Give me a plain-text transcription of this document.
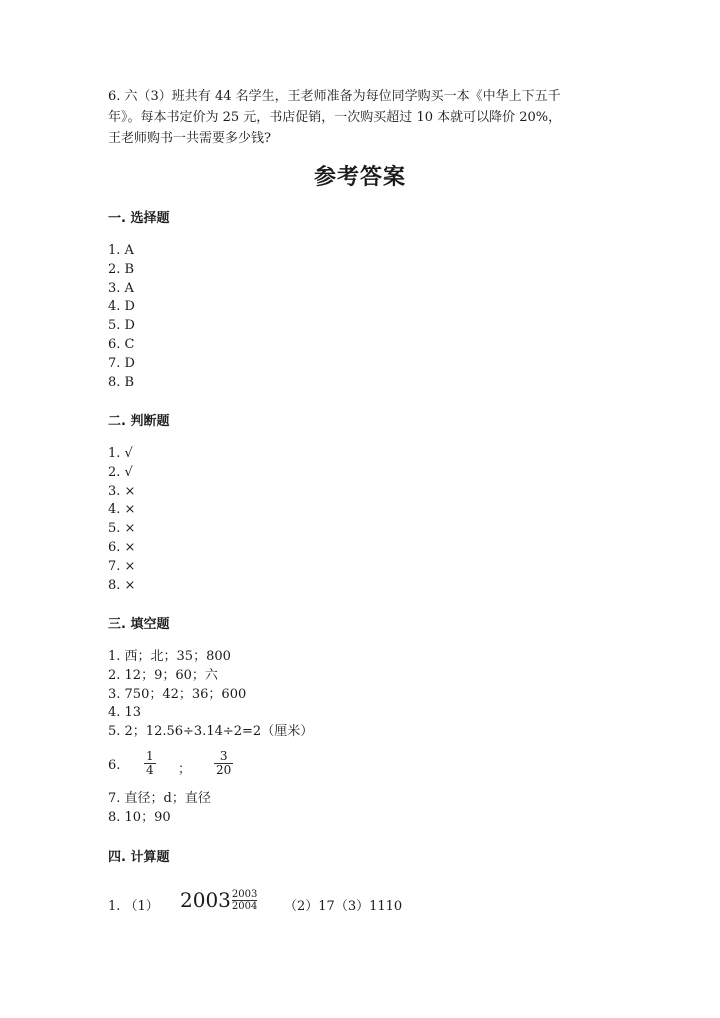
6. 六（3）班共有 44 名学生，王老师准备为每位同学购买一本《中华上下五千
年》。每本书定价为 25 元，书店促销，一次购买超过 10 本就可以降价 20%，
王老师购书一共需要多少钱?
参考答案
一. 选择题
1. A
2. B
3. A
4. D
5. D
6. C
7. D
8. B
二. 判断题
1. √
2. √
3. ×
4. ×
5. ×
6. ×
7. ×
8. ×
三. 填空题
1. 西；北；35；800
2. 12；9；60；六
3. 750；42；36；600
4. 13
5. 2；12.56÷3.14÷2=2（厘米）
6.
1
4 ；
3
20
7. 直径；d；直径
8. 10；90
四. 计算题
1. （1） 2003 2003
2004 （2）17（3）1110
